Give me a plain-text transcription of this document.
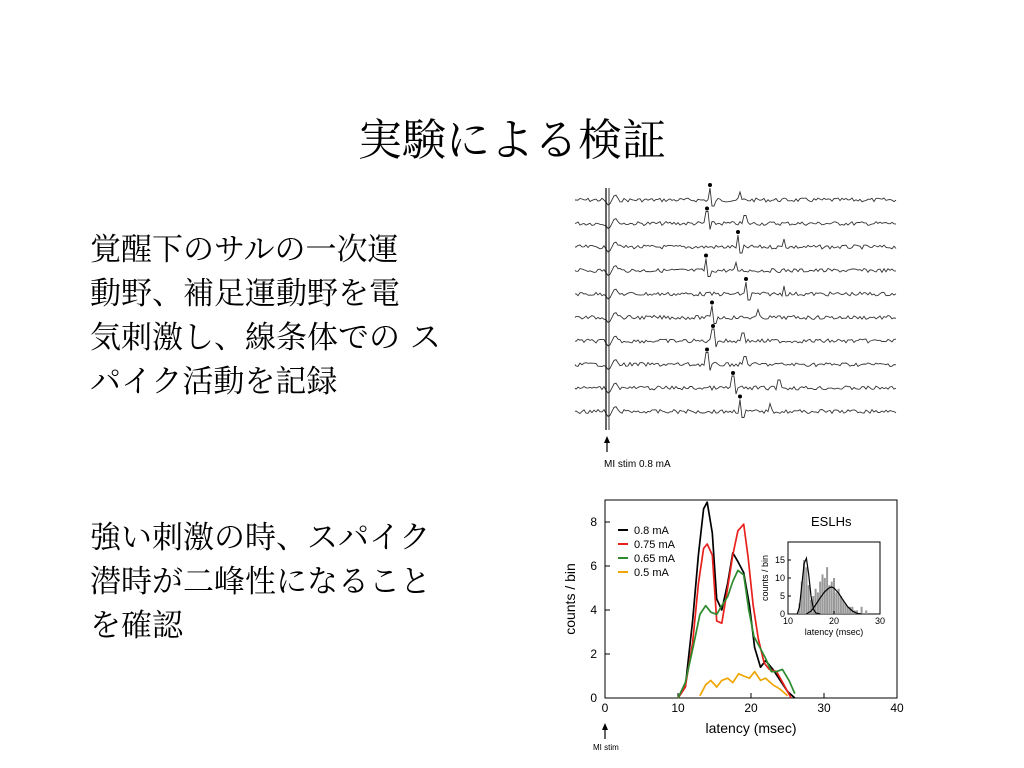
実験による検証
覚醒下のサルの一次運
動野、補足運動野を電
気刺激し、線条体での ス
パイク活動を記録
強い刺激の時、スパイク
潜時が二峰性になること
を確認
MI stim 0.8 mA
0
2
4
6
8
0	10	20	30	40
0.8 mA
0.75 mA
0.65 mA
0.5 mA
ESLHs
0
5
10
15
10	20	30
latency (msec)
counts / bin
latency (msec)
counts / bin
MI stim
